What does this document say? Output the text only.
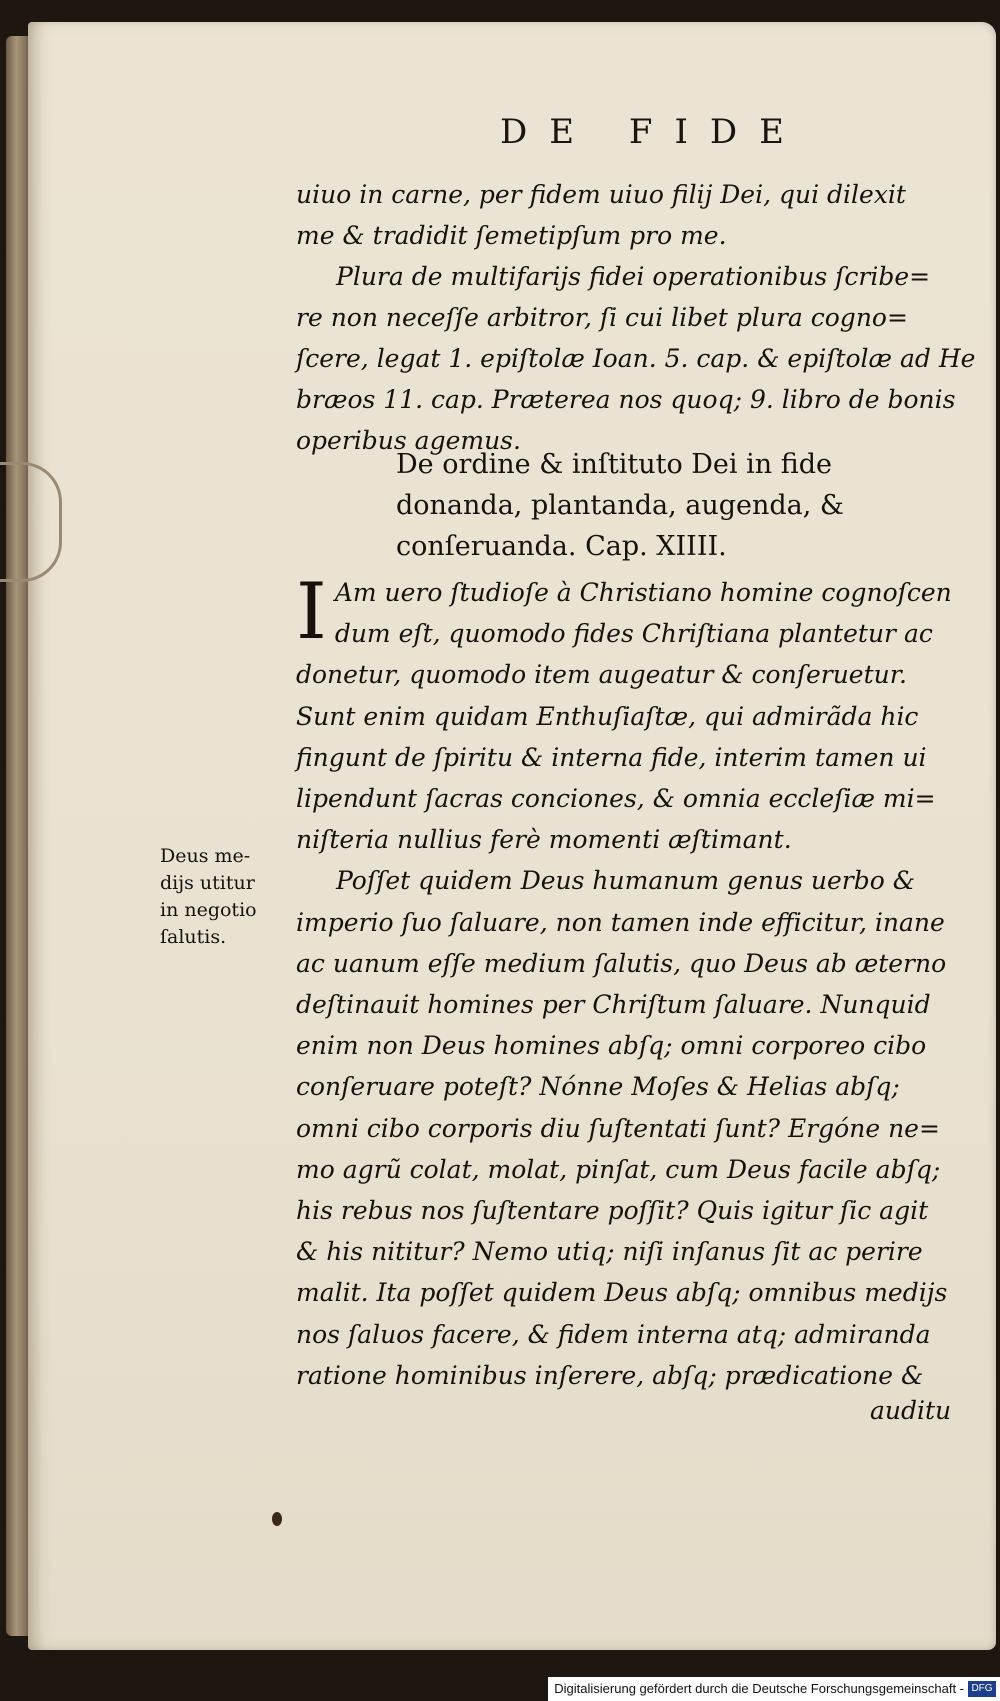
DE FIDE
uiuo in carne, per fidem uiuo filij Dei, qui dilexit
me & tradidit ſemetipſum pro me.
Plura de multifarijs fidei operationibus ſcribe=
re non neceſſe arbitror, ſi cui libet plura cogno=
ſcere, legat 1. epiſtolæ Ioan. 5. cap. & epiſtolæ ad He
bræos 11. cap. Præterea nos quoq; 9. libro de bonis
operibus agemus.
De ordine & inſtituto Dei in fide
donanda, plantanda, augenda, &
conſeruanda. Cap. XIIII.
I Am uero ſtudioſe à Christiano homine cognoſcen
dum eſt, quomodo fides Chriſtiana plantetur ac
donetur, quomodo item augeatur & conſeruetur.
Sunt enim quidam Enthuſiaſtæ, qui admirãda hic
fingunt de ſpiritu & interna fide, interim tamen ui
lipendunt ſacras conciones, & omnia eccleſiæ mi=
niſteria nullius ferè momenti æſtimant.
Poſſet quidem Deus humanum genus uerbo &
imperio ſuo ſaluare, non tamen inde efficitur, inane
ac uanum eſſe medium ſalutis, quo Deus ab æterno
deſtinauit homines per Chriſtum ſaluare. Nunquid
enim non Deus homines abſq; omni corporeo cibo
conſeruare poteſt? Nónne Moſes & Helias abſq;
omni cibo corporis diu ſuſtentati ſunt? Ergóne ne=
mo agrũ colat, molat, pinſat, cum Deus facile abſq;
his rebus nos ſuſtentare poſſit? Quis igitur ſic agit
& his nititur? Nemo utiq; niſi inſanus ſit ac perire
malit. Ita poſſet quidem Deus abſq; omnibus medijs
nos ſaluos facere, & fidem interna atq; admiranda
ratione hominibus inſerere, abſq; prædicatione &
Deus me-
dijs utitur
in negotio
ſalutis.
auditu
Digitalisierung gefördert durch die Deutsche Forschungsgemeinschaft - DFG
